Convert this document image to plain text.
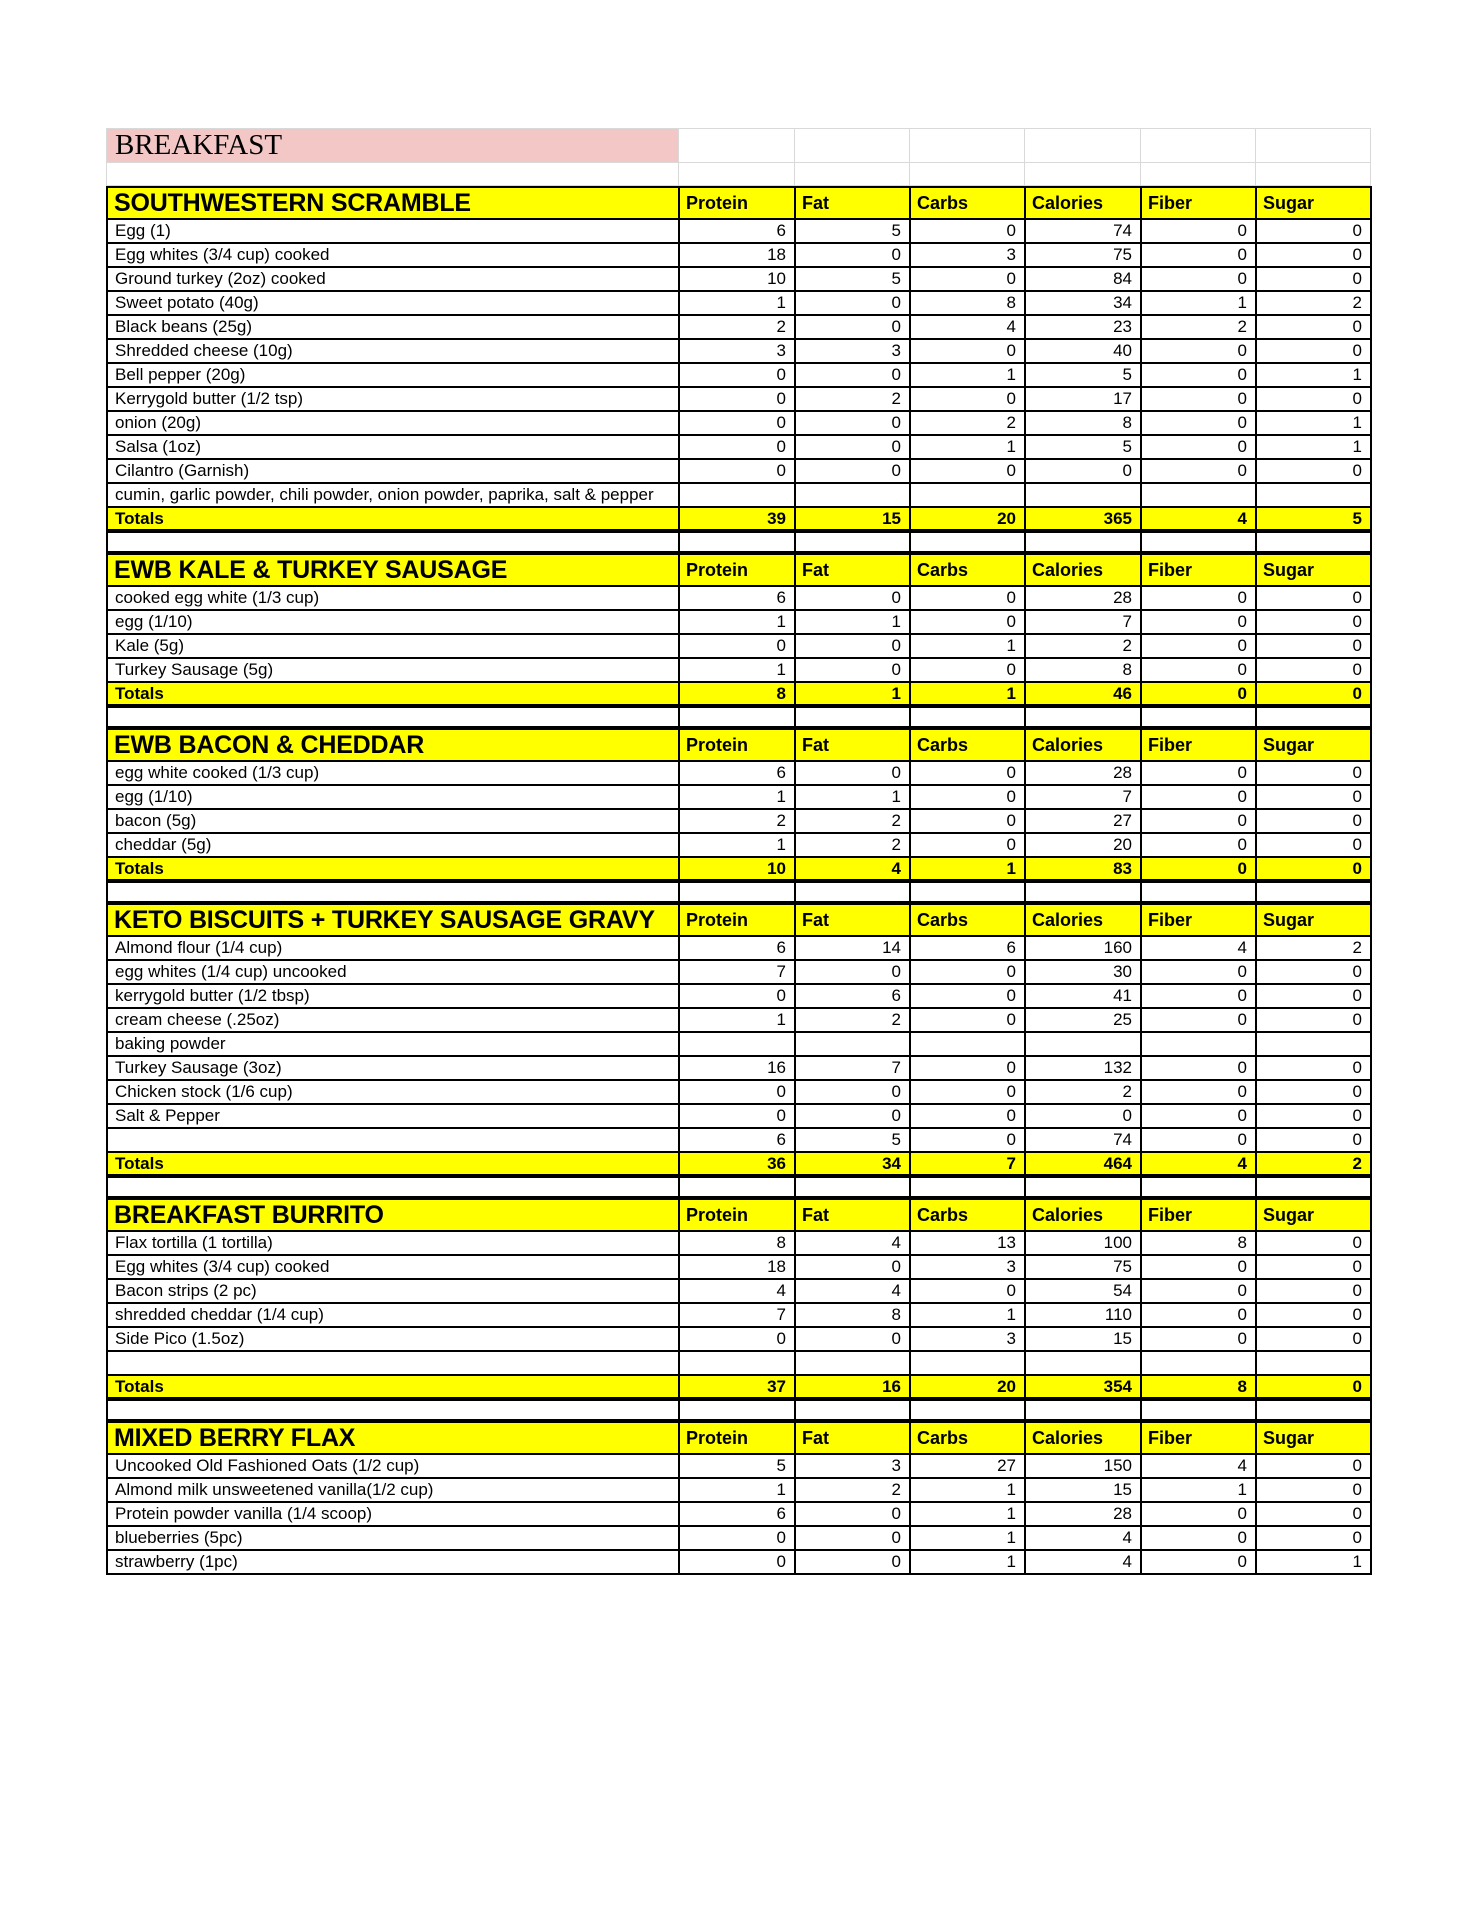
BREAKFAST						

SOUTHWESTERN SCRAMBLE	Protein	Fat	Carbs	Calories	Fiber	Sugar
Egg (1)	6	5	0	74	0	0
Egg whites (3/4 cup) cooked	18	0	3	75	0	0
Ground turkey (2oz) cooked	10	5	0	84	0	0
Sweet potato (40g)	1	0	8	34	1	2
Black beans (25g)	2	0	4	23	2	0
Shredded cheese (10g)	3	3	0	40	0	0
Bell pepper (20g)	0	0	1	5	0	1
Kerrygold butter (1/2 tsp)	0	2	0	17	0	0
onion (20g)	0	0	2	8	0	1
Salsa (1oz)	0	0	1	5	0	1
Cilantro (Garnish)	0	0	0	0	0	0
cumin, garlic powder, chili powder, onion powder, paprika, salt & pepper						
Totals	39	15	20	365	4	5

EWB KALE & TURKEY SAUSAGE	Protein	Fat	Carbs	Calories	Fiber	Sugar
cooked egg white (1/3 cup)	6	0	0	28	0	0
egg (1/10)	1	1	0	7	0	0
Kale (5g)	0	0	1	2	0	0
Turkey Sausage (5g)	1	0	0	8	0	0
Totals	8	1	1	46	0	0

EWB BACON & CHEDDAR	Protein	Fat	Carbs	Calories	Fiber	Sugar
egg white cooked (1/3 cup)	6	0	0	28	0	0
egg (1/10)	1	1	0	7	0	0
bacon (5g)	2	2	0	27	0	0
cheddar (5g)	1	2	0	20	0	0
Totals	10	4	1	83	0	0

KETO BISCUITS + TURKEY SAUSAGE GRAVY	Protein	Fat	Carbs	Calories	Fiber	Sugar
Almond flour (1/4 cup)	6	14	6	160	4	2
egg whites (1/4 cup) uncooked	7	0	0	30	0	0
kerrygold butter (1/2 tbsp)	0	6	0	41	0	0
cream cheese (.25oz)	1	2	0	25	0	0
baking powder						
Turkey Sausage (3oz)	16	7	0	132	0	0
Chicken stock (1/6 cup)	0	0	0	2	0	0
Salt & Pepper	0	0	0	0	0	0
	6	5	0	74	0	0
Totals	36	34	7	464	4	2

BREAKFAST BURRITO	Protein	Fat	Carbs	Calories	Fiber	Sugar
Flax tortilla (1 tortilla)	8	4	13	100	8	0
Egg whites (3/4 cup) cooked	18	0	3	75	0	0
Bacon strips (2 pc)	4	4	0	54	0	0
shredded cheddar (1/4 cup)	7	8	1	110	0	0
Side Pico (1.5oz)	0	0	3	15	0	0

Totals	37	16	20	354	8	0

MIXED BERRY FLAX	Protein	Fat	Carbs	Calories	Fiber	Sugar
Uncooked Old Fashioned Oats (1/2 cup)	5	3	27	150	4	0
Almond milk unsweetened vanilla(1/2 cup)	1	2	1	15	1	0
Protein powder vanilla (1/4 scoop)	6	0	1	28	0	0
blueberries (5pc)	0	0	1	4	0	0
strawberry (1pc)	0	0	1	4	0	1
